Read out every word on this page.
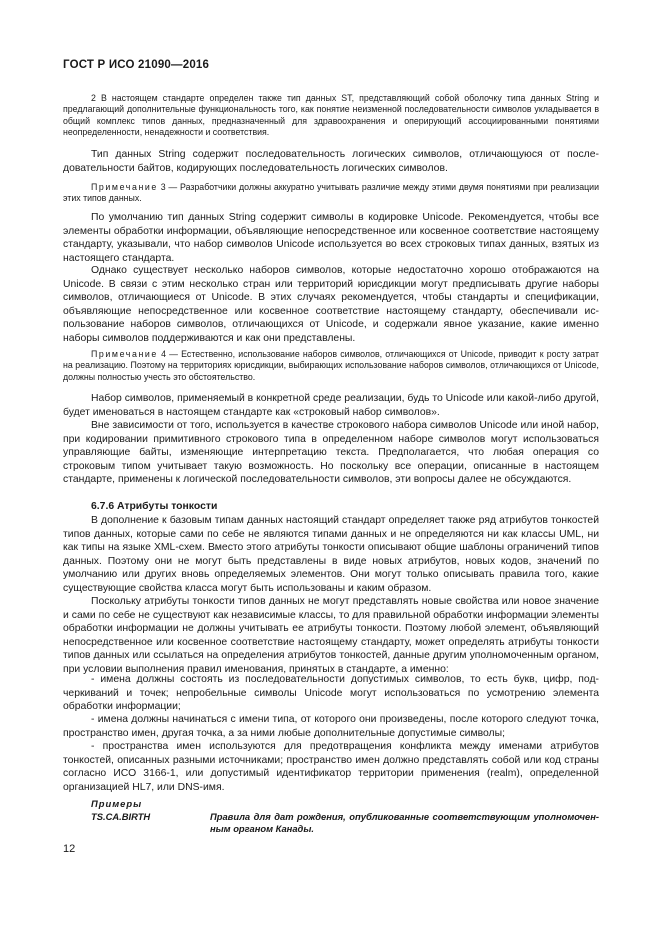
ГОСТ Р ИСО 21090—2016

2 В настоящем стандарте определен также тип данных ST, представляющий собой оболочку типа данных String и предлагающий дополнительные функциональность того, как понятие неизменной последовательности символов укладывается в общий комплекс типов данных, предназначенный для здравоохранения и оперирующий ассоциированными понятиями неопределенности, ненадежности и соответствия.

Тип данных String содержит последовательность логических символов, отличающуюся от последовательности байтов, кодирующих последовательность логических символов.

Примечание 3 — Разработчики должны аккуратно учитывать различие между этими двумя понятиями при реализации этих типов данных.

По умолчанию тип данных String содержит символы в кодировке Unicode. Рекомендуется, чтобы все элементы обработки информации, объявляющие непосредственное или косвенное соответствие настоящему стандарту, указывали, что набор символов Unicode используется во всех строковых типах данных, взятых из настоящего стандарта.

Однако существует несколько наборов символов, которые недостаточно хорошо отображаются на Unicode. В связи с этим несколько стран или территорий юрисдикции могут предписывать другие наборы символов, отличающиеся от Unicode. В этих случаях рекомендуется, чтобы стандарты и спецификации, объявляющие непосредственное или косвенное соответствие настоящему стандарту, обеспечивали использование наборов символов, отличающихся от Unicode, и содержали явное указание, какие именно наборы символов поддерживаются и как они представлены.

Примечание 4 — Естественно, использование наборов символов, отличающихся от Unicode, приводит к росту затрат на реализацию. Поэтому на территориях юрисдикции, выбирающих использование наборов символов, отличающихся от Unicode, должны полностью учесть это обстоятельство.

Набор символов, применяемый в конкретной среде реализации, будь то Unicode или какой-либо другой, будет именоваться в настоящем стандарте как «строковый набор символов».

Вне зависимости от того, используется в качестве строкового набора символов Unicode или иной набор, при кодировании примитивного строкового типа в определенном наборе символов могут использоваться управляющие байты, изменяющие интерпретацию текста. Предполагается, что любая операция со строковым типом учитывает такую возможность. Но поскольку все операции, описанные в настоящем стандарте, применены к логической последовательности символов, эти вопросы далее не обсуждаются.

6.7.6 Атрибуты тонкости

В дополнение к базовым типам данных настоящий стандарт определяет также ряд атрибутов тонкостей типов данных, которые сами по себе не являются типами данных и не определяются ни как классы UML, ни как типы на языке XML-схем. Вместо этого атрибуты тонкости описывают общие шаблоны ограничений типов данных. Поэтому они не могут быть представлены в виде новых атрибутов, новых кодов, значений по умолчанию или других вновь определяемых элементов. Они могут только описывать правила того, какие существующие свойства класса могут быть использованы и каким образом.

Поскольку атрибуты тонкости типов данных не могут представлять новые свойства или новое значение и сами по себе не существуют как независимые классы, то для правильной обработки информации элементы обработки информации не должны учитывать ее атрибуты тонкости. Поэтому любой элемент, объявляющий непосредственное или косвенное соответствие настоящему стандарту, может определять атрибуты тонкости типов данных или ссылаться на определения атрибутов тонкостей, данные другим уполномоченным органом, при условии выполнения правил именования, принятых в стандарте, а именно:

- имена должны состоять из последовательности допустимых символов, то есть букв, цифр, подчеркиваний и точек; непробельные символы Unicode могут использоваться по усмотрению элемента обработки информации;

- имена должны начинаться с имени типа, от которого они произведены, после которого следуют точка, пространство имен, другая точка, а за ними любые дополнительные допустимые символы;

- пространства имен используются для предотвращения конфликта между именами атрибутов тонкостей, описанных разными источниками; пространство имен должно представлять собой или код страны согласно ИСО 3166-1, или допустимый идентификатор территории применения (realm), определенной организацией HL7, или DNS-имя.

Примеры
TS.CA.BIRTH	Правила для дат рождения, опубликованные соответствующим уполномоченным органом Канады.
12
